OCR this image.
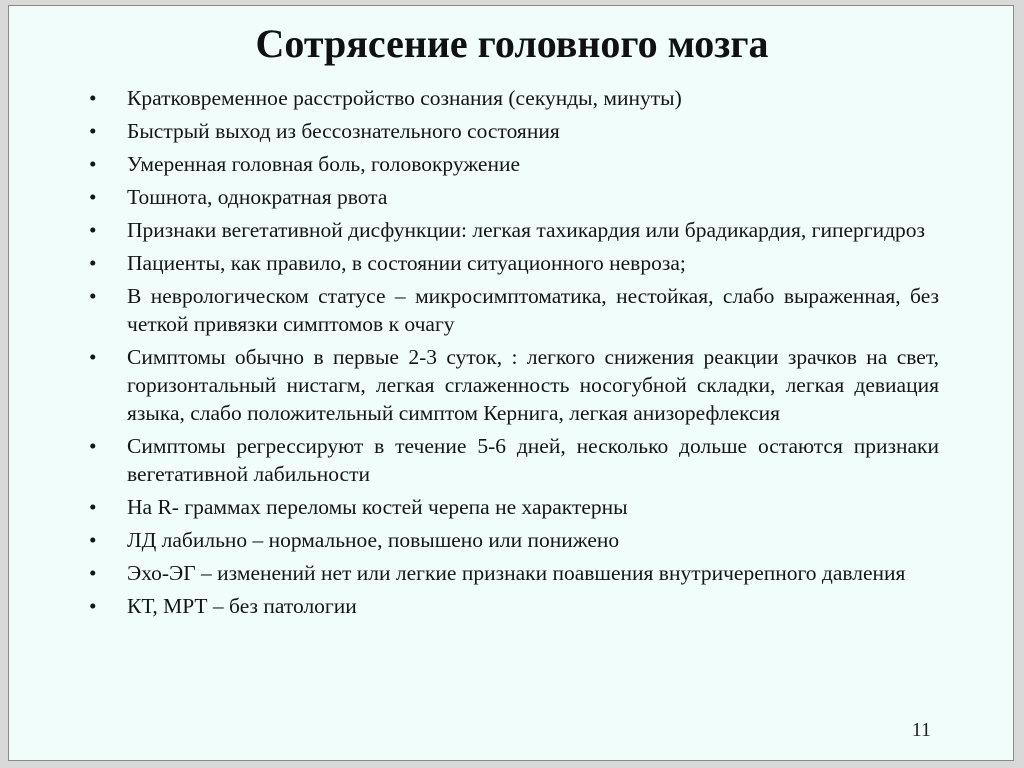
Сотрясение головного мозга
• Кратковременное расстройство сознания (секунды, минуты)
• Быстрый выход из бессознательного состояния
• Умеренная головная боль, головокружение
• Тошнота, однократная рвота
• Признаки вегетативной дисфункции: легкая тахикардия или брадикардия, гипергидроз
• Пациенты, как правило, в состоянии ситуационного невроза;
• В неврологическом статусе – микросимптоматика, нестойкая, слабо выраженная, без четкой привязки симптомов к очагу
• Симптомы обычно в первые 2-3 суток, : легкого снижения реакции зрачков на свет, горизонтальный нистагм, легкая сглаженность носогубной складки, легкая девиация языка, слабо положительный симптом Кернига, легкая анизорефлексия
• Симптомы регрессируют в течение 5-6 дней, несколько дольше остаются признаки вегетативной лабильности
• На R- граммах переломы костей черепа не характерны
• ЛД лабильно – нормальное, повышено или понижено
• Эхо-ЭГ – изменений нет или легкие признаки поавшения внутричерепного давления
• КТ, МРТ – без патологии
11
